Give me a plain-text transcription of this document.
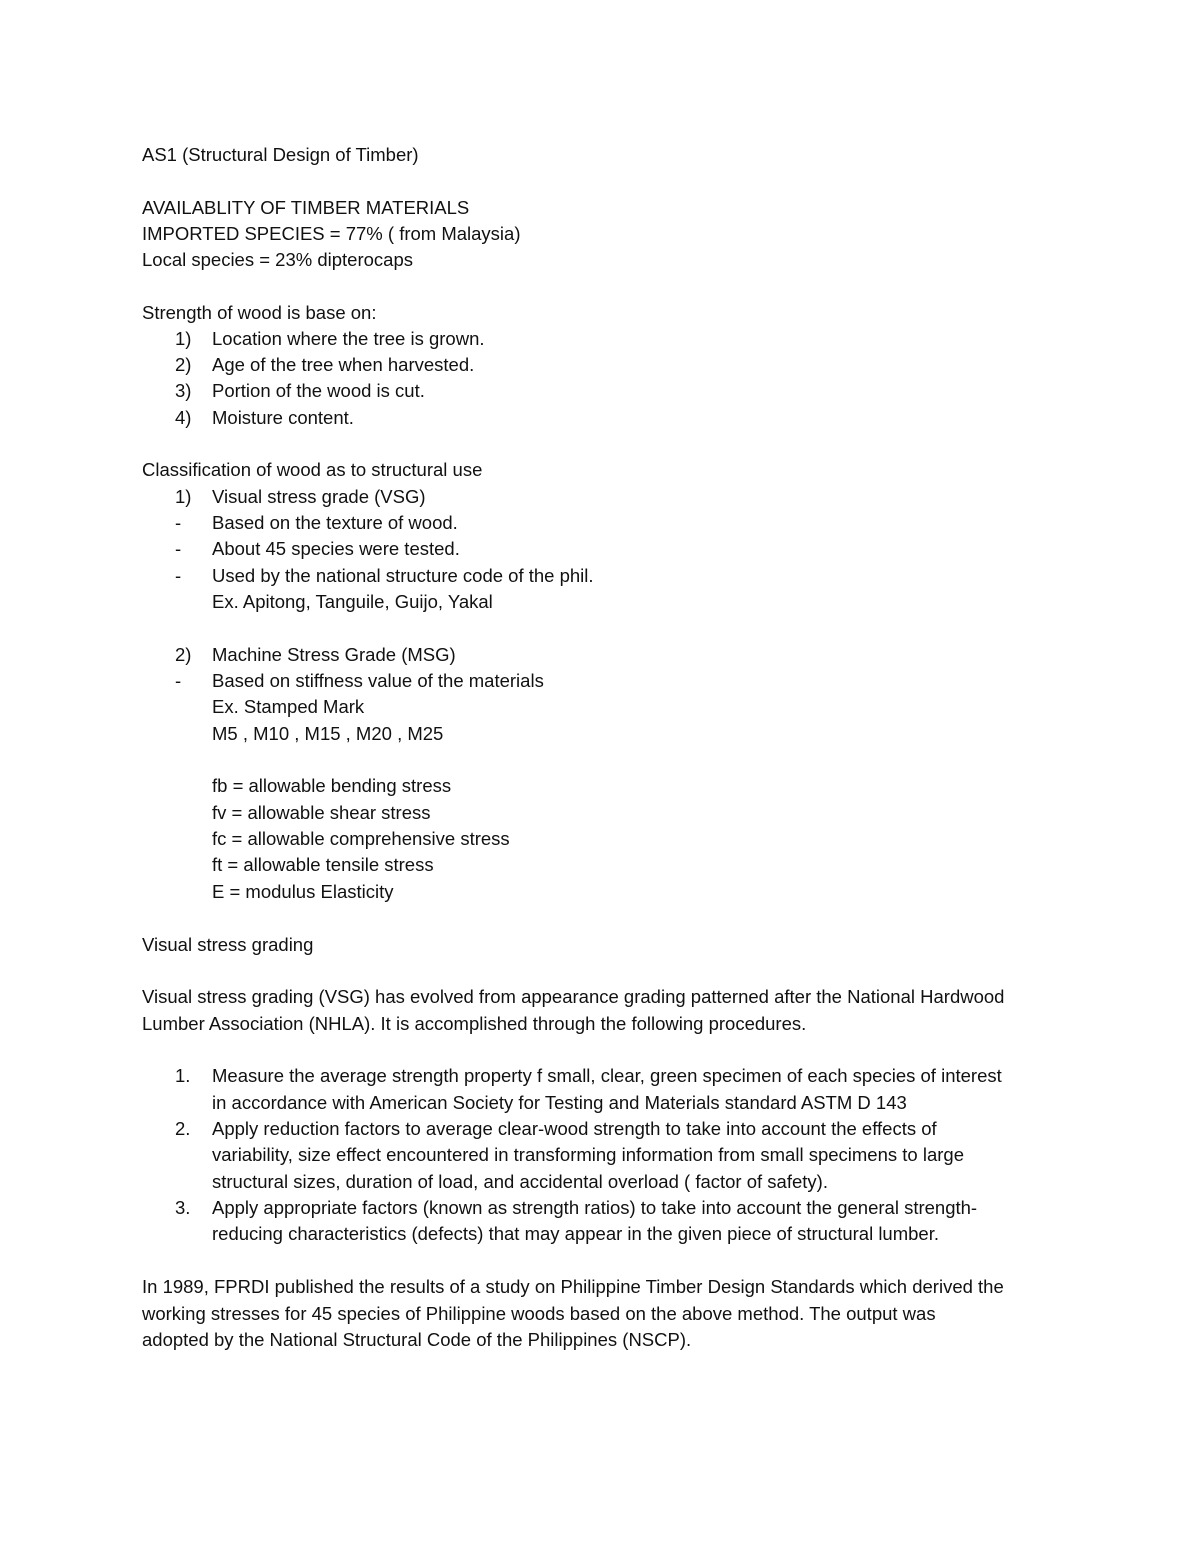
AS1 (Structural Design of Timber)
AVAILABLITY OF TIMBER MATERIALS
IMPORTED SPECIES = 77% ( from Malaysia)
Local species = 23% dipterocaps
Strength of wood is base on:
1) Location where the tree is grown.
2) Age of the tree when harvested.
3) Portion of the wood is cut.
4) Moisture content.
Classification of wood as to structural use
1) Visual stress grade (VSG)
- Based on the texture of wood.
- About 45 species were tested.
- Used by the national structure code of the phil.
Ex. Apitong, Tanguile, Guijo, Yakal
2) Machine Stress Grade (MSG)
- Based on stiffness value of the materials
Ex. Stamped Mark
M5 , M10 , M15 , M20 , M25
fb = allowable bending stress
fv = allowable shear stress
fc = allowable comprehensive stress
ft = allowable tensile stress
E = modulus Elasticity
Visual stress grading
Visual stress grading (VSG) has evolved from appearance grading patterned after the National Hardwood
Lumber Association (NHLA). It is accomplished through the following procedures.
1. Measure the average strength property f small, clear, green specimen of each species of interest
in accordance with American Society for Testing and Materials standard ASTM D 143
2. Apply reduction factors to average clear-wood strength to take into account the effects of
variability, size effect encountered in transforming information from small specimens to large
structural sizes, duration of load, and accidental overload ( factor of safety).
3. Apply appropriate factors (known as strength ratios) to take into account the general strength-
reducing characteristics (defects) that may appear in the given piece of structural lumber.
In 1989, FPRDI published the results of a study on Philippine Timber Design Standards which derived the
working stresses for 45 species of Philippine woods based on the above method. The output was
adopted by the National Structural Code of the Philippines (NSCP).
